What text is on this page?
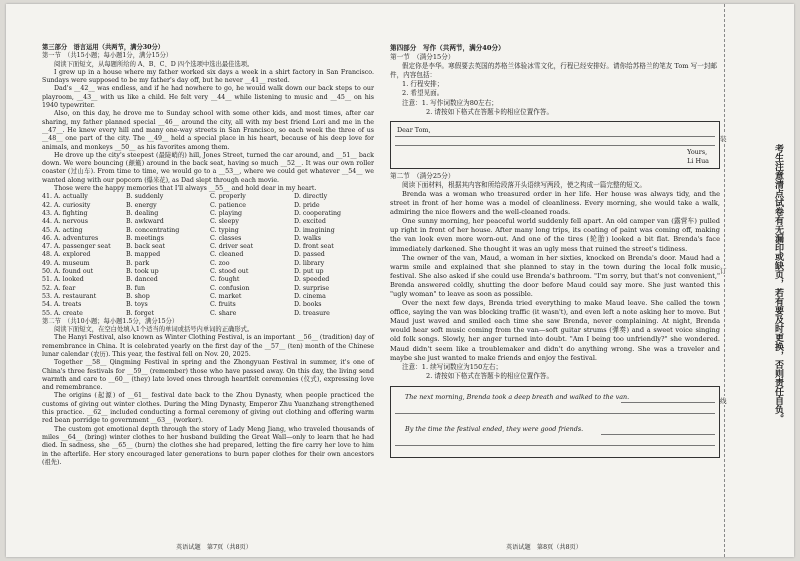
第三部分　语言运用（共两节，满分30分）

第一节　（共15小题；每小题1分，满分15分）

阅读下面短文，从每题所给的 A、B、C、D 四个选项中选出最佳选项。

I grew up in a house where my father worked six days a week in a shirt factory in San Francisco. Sundays were supposed to be my father's day off, but he never __41__ rested.

Dad's __42__ was endless, and if he had nowhere to go, he would walk down our back steps to our playroom, __43__ with us like a child. He felt very __44__ while listening to music and __45__ on his 1940 typewriter.

Also, on this day, he drove me to Sunday school with some other kids, and most times, after car sharing, my father planned special __46__ around the city, all with my best friend Lori and me in the __47__. He knew every hill and many one-way streets in San Francisco, so each week the three of us __48__ one part of the city. The __49__ held a special place in his heart, because of his deep love for animals, and monkeys __50__ as his favorites among them.

He drove up the city's steepest (最陡峭的) hill, Jones Street, turned the car around, and __51__ back down. We were bouncing (颠簸) around in the back seat, having so much __52__. It was our own roller coaster (过山车). From time to time, we would go to a __53__, where we could get whatever __54__ we wanted along with our popcorn (爆米花), as Dad slept through each movie.

Those were the happy memories that I'll always __55__ and hold dear in my heart.

41. A. actually	B. suddenly	C. properly	D. directly
42. A. curiosity	B. energy	C. patience	D. pride
43. A. fighting	B. dealing	C. playing	D. cooperating
44. A. nervous	B. awkward	C. sleepy	D. excited
45. A. acting	B. concentrating	C. typing	D. imagining
46. A. adventures	B. meetings	C. classes	D. walks
47. A. passenger seat	B. back seat	C. driver seat	D. front seat
48. A. explored	B. mapped	C. cleaned	D. passed
49. A. museum	B. park	C. zoo	D. library
50. A. found out	B. took up	C. stood out	D. put up
51. A. looked	B. danced	C. fought	D. speeded
52. A. fear	B. fun	C. confusion	D. surprise
53. A. restaurant	B. shop	C. market	D. cinema
54. A. treats	B. toys	C. fruits	D. books
55. A. create	B. forget	C. share	D. treasure

第二节　（共10小题；每小题1.5分，满分15分）

阅读下面短文，在空白处填入1个适当的单词或括号内单词的正确形式。

The Hanyi Festival, also known as Winter Clothing Festival, is an important __56__ (tradition) day of remembrance in China. It is celebrated yearly on the first day of the __57__ (ten) month of the Chinese lunar calendar (农历). This year, the festival fell on Nov. 20, 2025.

Together __58__ Qingming Festival in spring and the Zhongyuan Festival in summer, it's one of China's three festivals for __59__ (remember) those who have passed away. On this day, the living send warmth and care to __60__ (they) late loved ones through heartfelt ceremonies (仪式), expressing love and remembrance.

The origins (起源) of __61__ festival date back to the Zhou Dynasty, when people practiced the customs of giving out winter clothes. During the Ming Dynasty, Emperor Zhu Yuanzhang strengthened this practice. __62__ included conducting a formal ceremony of giving out clothing and offering warm red bean porridge to government __63__ (worker).

The custom got emotional depth through the story of Lady Meng Jiang, who traveled thousands of miles __64__ (bring) winter clothes to her husband building the Great Wall—only to learn that he had died. In sadness, she __65__ (burn) the clothes she had prepared, letting the fire carry her love to him in the afterlife. Her story encouraged later generations to burn paper clothes for their own ancestors (祖先).

英语试题　第7页（共8页）

第四部分　写作（共两节，满分40分）

第一节　（满分15分）

假定你是李华。寒假要去英国的苏格兰体验冰雪文化，行程已经安排好。请你给苏格兰的笔友 Tom 写一封邮件，内容包括：

1. 行程安排；

2. 希望见面。

注意：1. 写作词数应为80左右；

2. 请按如下格式在答题卡的相应位置作答。

Dear Tom,
Yours,
Li Hua

第二节　（满分25分）

阅读下面材料，根据其内容和所给段落开头语续写两段，使之构成一篇完整的短文。

Brenda was a woman who treasured order in her life. Her house was always tidy, and the street in front of her home was a model of cleanliness. Every morning, she would take a walk, admiring the nice flowers and the well-cleaned roads.

One sunny morning, her peaceful world suddenly fell apart. An old camper van (露营车) pulled up right in front of her house. After many long trips, its coating of paint was coming off, making the van look even more worn-out. And one of the tires (轮胎) looked a bit flat. Brenda's face immediately darkened. She thought it was an ugly mess that ruined the street's tidiness.

The owner of the van, Maud, a woman in her sixties, knocked on Brenda's door. Maud had a warm smile and explained that she planned to stay in the town during the local folk music festival. She also asked if she could use Brenda's bathroom. "I'm sorry, but that's not convenient," Brenda answered coldly, shutting the door before Maud could say more. She just wanted this "ugly woman" to leave as soon as possible.

Over the next few days, Brenda tried everything to make Maud leave. She called the town office, saying the van was blocking traffic (it wasn't), and even left a note asking her to move. But Maud just waved and smiled each time she saw Brenda, never complaining. At night, Brenda would hear soft music coming from the van—soft guitar strums (弹奏) and a sweet voice singing old folk songs. Slowly, her anger turned into doubt. "Am I being too unfriendly?" she wondered. Maud didn't seem like a troublemaker and didn't do anything wrong. She was a traveler and maybe she just wanted to make friends and enjoy the festival.

注意：1. 续写词数应为150左右；

2. 请按如下格式在答题卡的相应位置作答。

The next morning, Brenda took a deep breath and walked to the van.
By the time the festival ended, they were good friends.
英语试题　第8页（共8页）
装
订
线	考生注意清点试卷有无漏印或缺页，若有要及时更换，否则责任自负。
